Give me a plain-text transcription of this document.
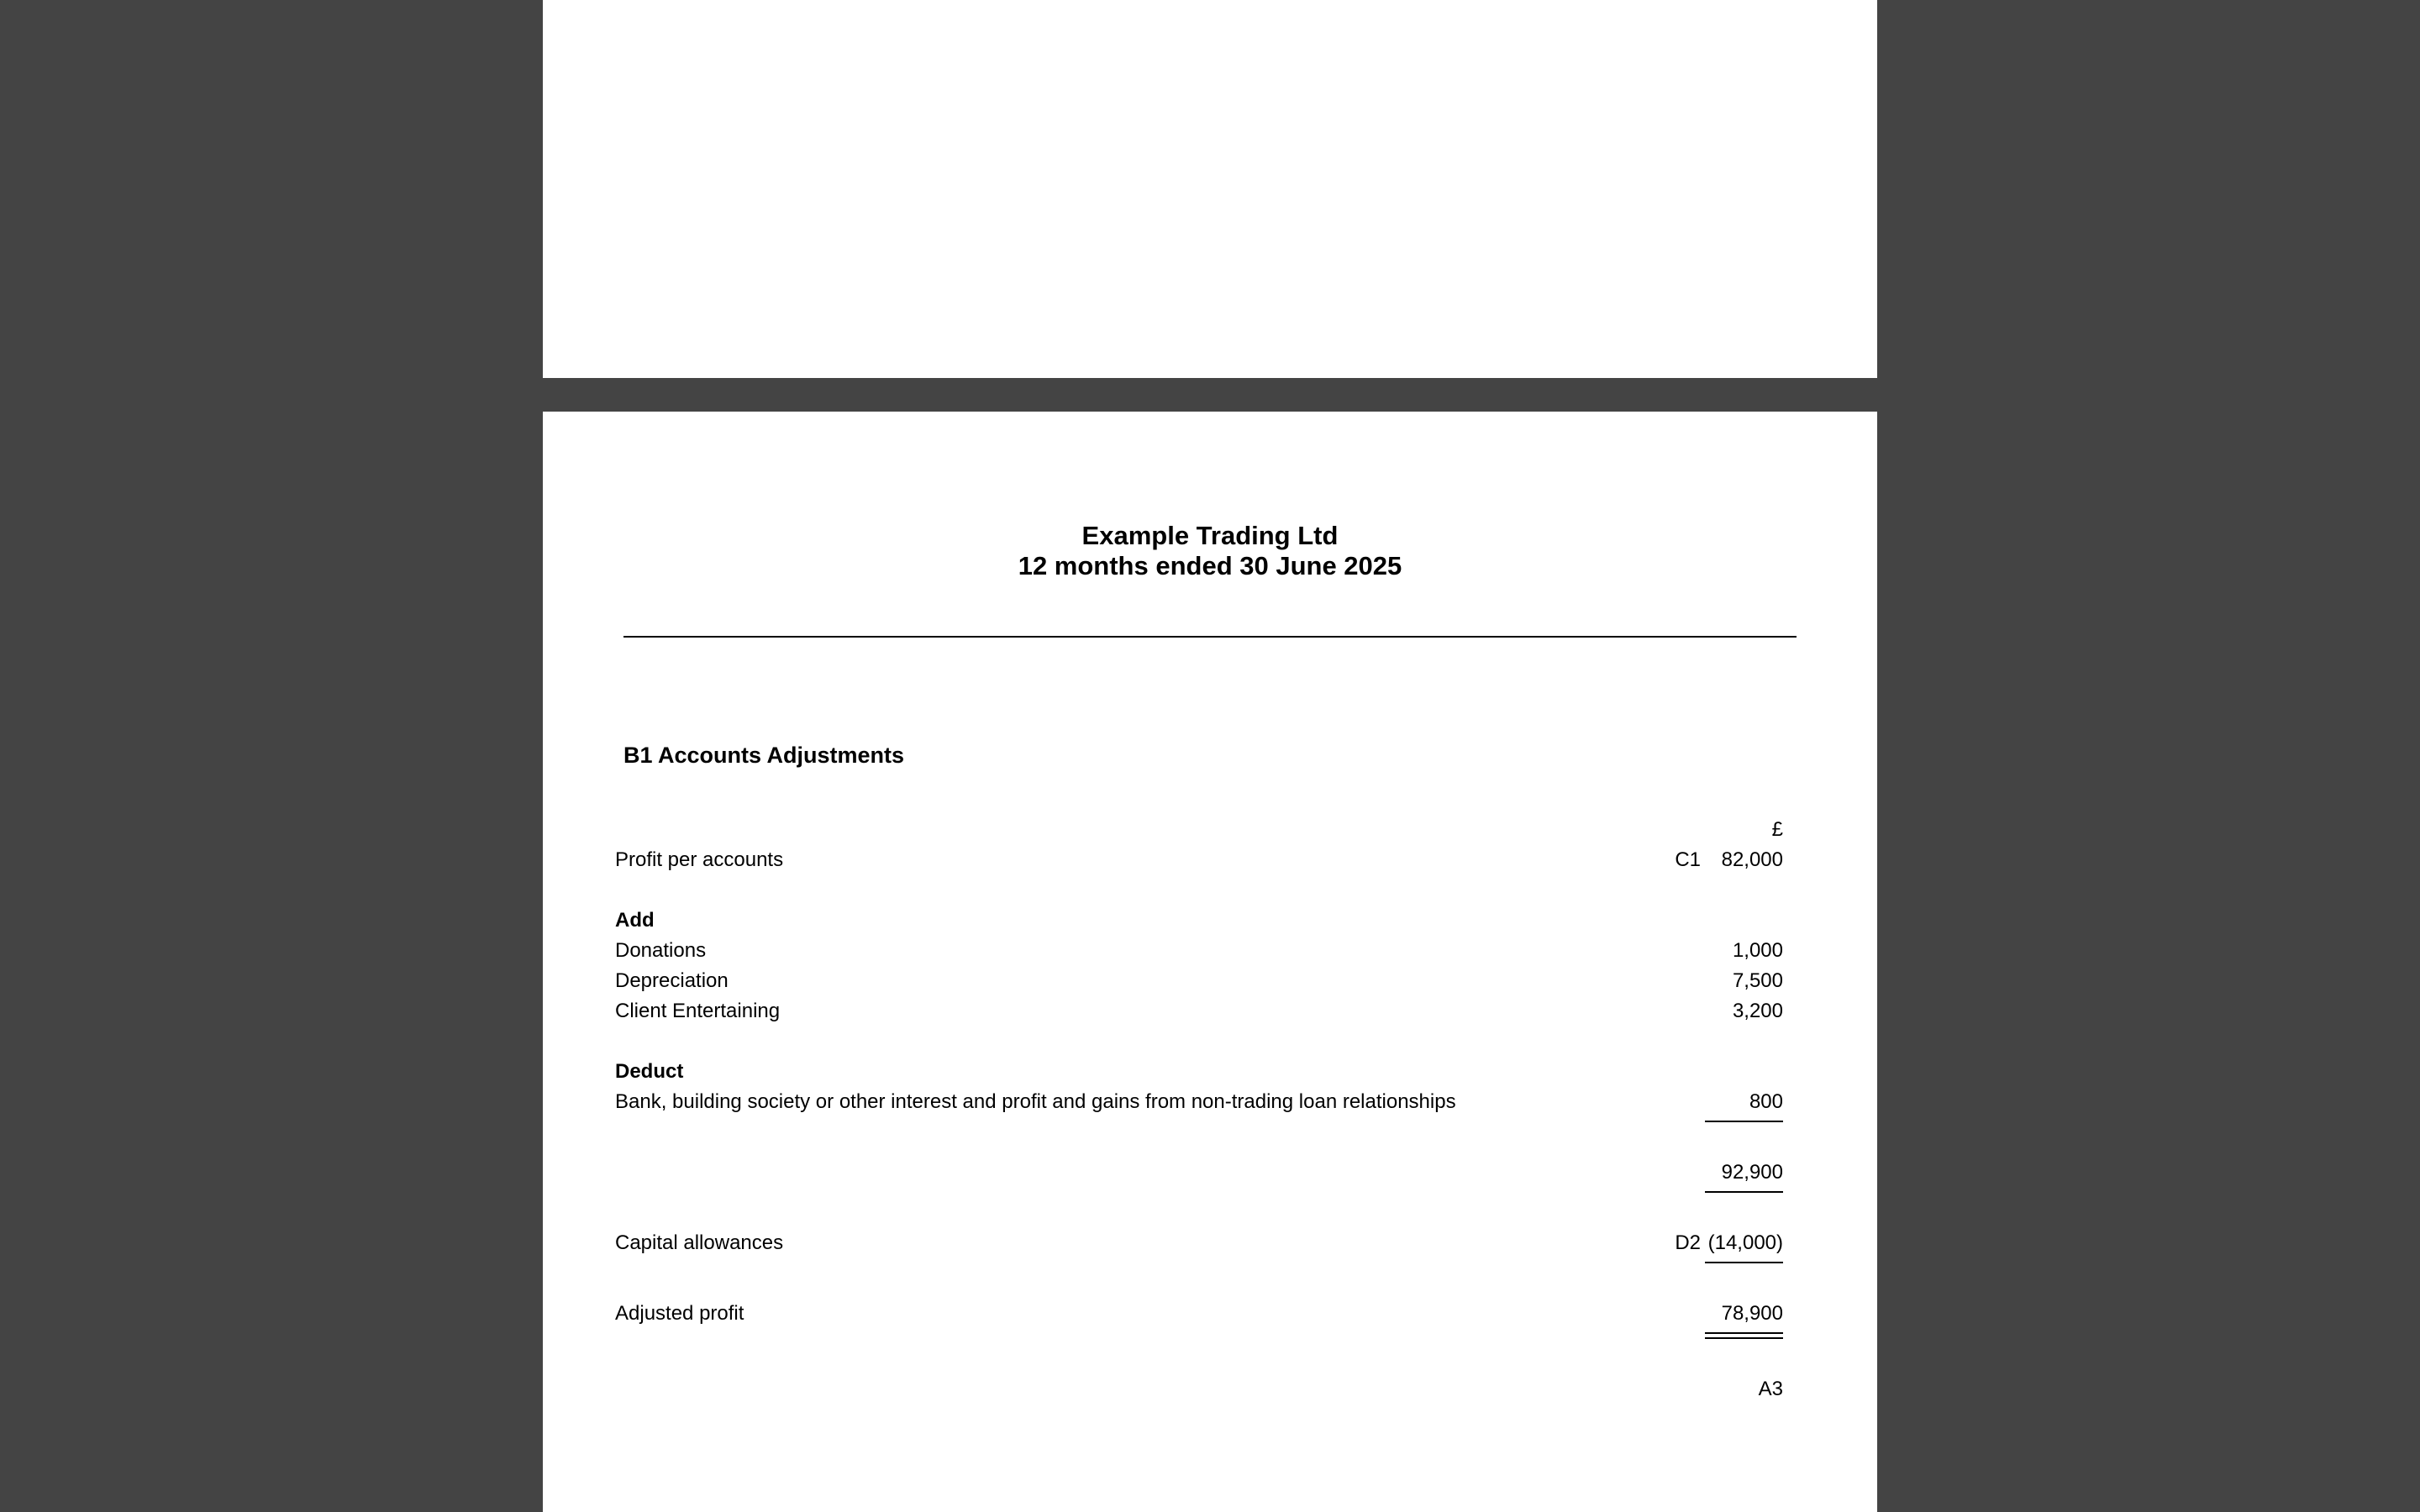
Example Trading Ltd
12 months ended 30 June 2025
B1 Accounts Adjustments
£
Profit per accounts	C1 82,000
Add
Donations	1,000
Depreciation	7,500
Client Entertaining	3,200
Deduct
Bank, building society or other interest and profit and gains from non-trading loan relationships	800
92,900
Capital allowances	D2 (14,000)
Adjusted profit	78,900
A3
